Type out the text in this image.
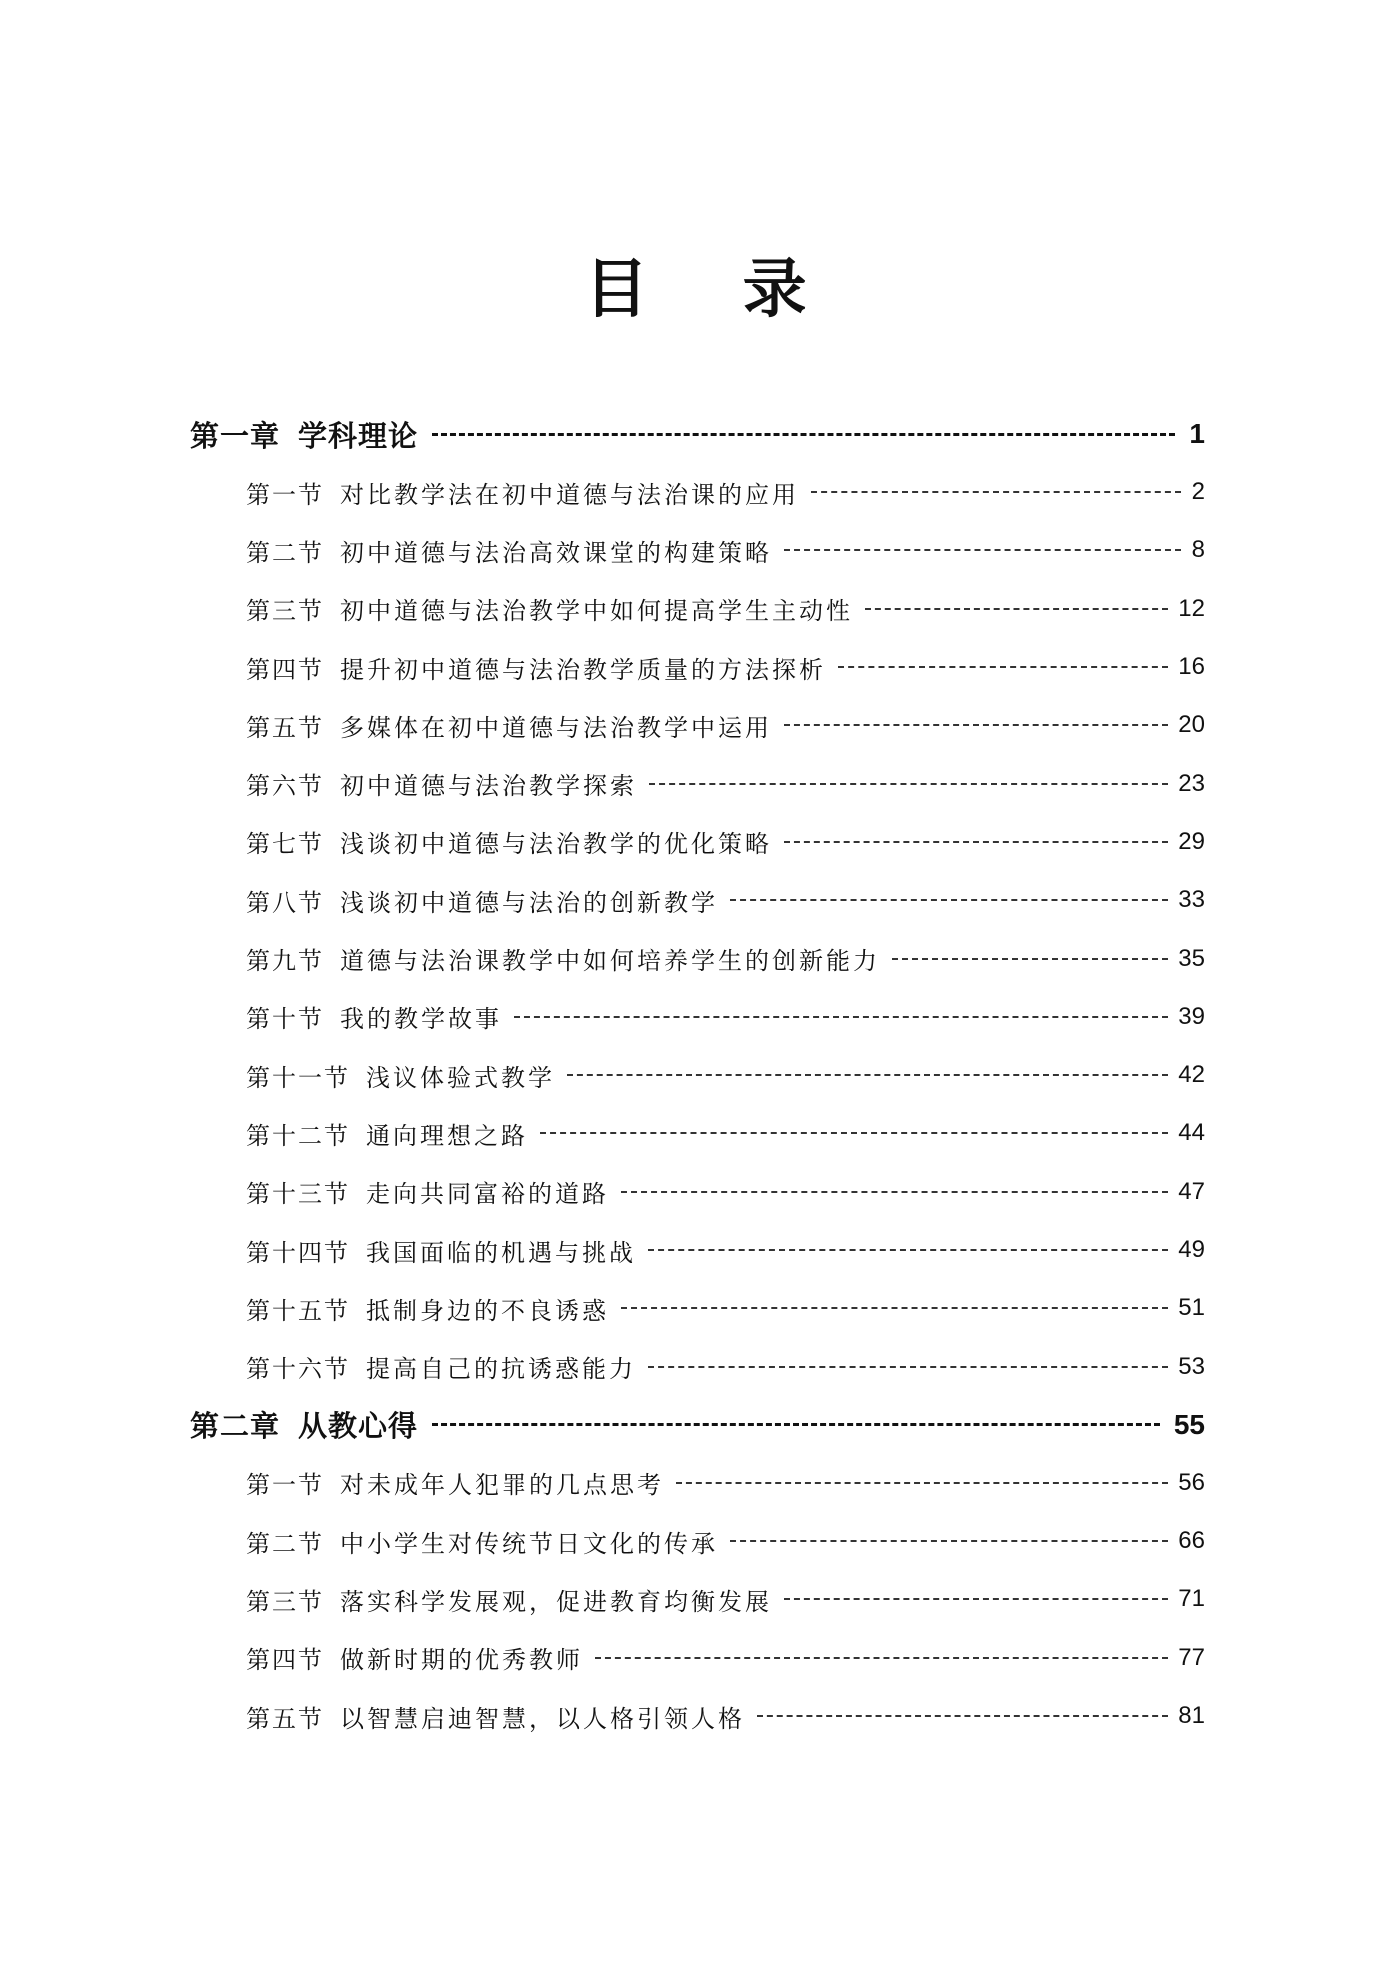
目 录
第一章 学科理论	1
第一节 对比教学法在初中道德与法治课的应用	2
第二节 初中道德与法治高效课堂的构建策略	8
第三节 初中道德与法治教学中如何提高学生主动性	12
第四节 提升初中道德与法治教学质量的方法探析	16
第五节 多媒体在初中道德与法治教学中运用	20
第六节 初中道德与法治教学探索	23
第七节 浅谈初中道德与法治教学的优化策略	29
第八节 浅谈初中道德与法治的创新教学	33
第九节 道德与法治课教学中如何培养学生的创新能力	35
第十节 我的教学故事	39
第十一节 浅议体验式教学	42
第十二节 通向理想之路	44
第十三节 走向共同富裕的道路	47
第十四节 我国面临的机遇与挑战	49
第十五节 抵制身边的不良诱惑	51
第十六节 提高自己的抗诱惑能力	53
第二章 从教心得	55
第一节 对未成年人犯罪的几点思考	56
第二节 中小学生对传统节日文化的传承	66
第三节 落实科学发展观，促进教育均衡发展	71
第四节 做新时期的优秀教师	77
第五节 以智慧启迪智慧，以人格引领人格	81
